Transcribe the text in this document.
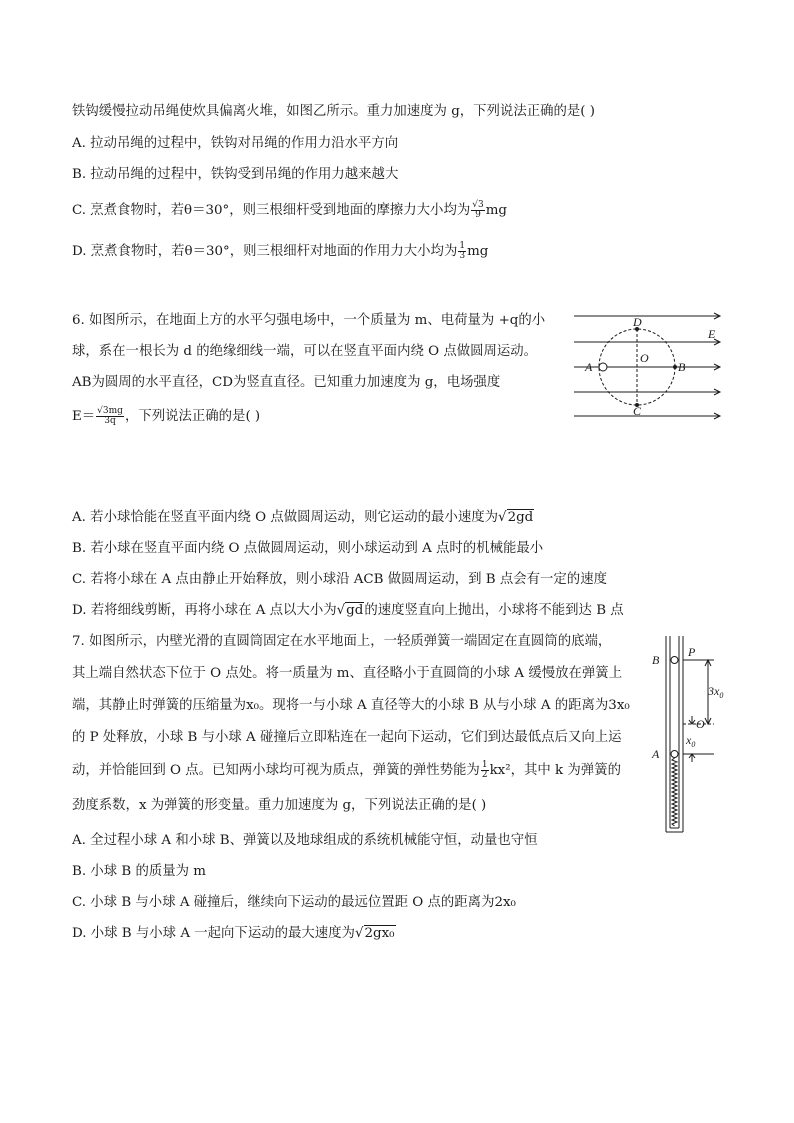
铁钩缓慢拉动吊绳使炊具偏离火堆，如图乙所示。重力加速度为 g，下列说法正确的是( )
A. 拉动吊绳的过程中，铁钩对吊绳的作用力沿水平方向
B. 拉动吊绳的过程中，铁钩受到吊绳的作用力越来越大
C. 烹煮食物时，若θ＝30°，则三根细杆受到地面的摩擦力大小均为 $\frac{√3}{9}$ mg
D. 烹煮食物时，若θ＝30°，则三根细杆对地面的作用力大小均为 $\frac{1}{3}$ mg
6. 如图所示，在地面上方的水平匀强电场中，一个质量为 m、电荷量为 +q的小
球，系在一根长为 d 的绝缘细线一端，可以在竖直平面内绕 O 点做圆周运动。
AB为圆周的水平直径，CD为竖直直径。已知重力加速度为 g，电场强度
$E= \frac{√3mg}{3q}$ ，下列说法正确的是( )
D
E
A
O
B
C
A. 若小球恰能在竖直平面内绕 O 点做圆周运动，则它运动的最小速度为√2gd
B. 若小球在竖直平面内绕 O 点做圆周运动，则小球运动到 A 点时的机械能最小
C. 若将小球在 A 点由静止开始释放，则小球沿 ACB 做圆周运动，到 B 点会有一定的速度
D. 若将细线剪断，再将小球在 A 点以大小为√gd的速度竖直向上抛出，小球将不能到达 B 点
7. 如图所示，内壁光滑的直圆筒固定在水平地面上，一轻质弹簧一端固定在直圆筒的底端，
其上端自然状态下位于 O 点处。将一质量为 m、直径略小于直圆筒的小球 A 缓慢放在弹簧上
端，其静止时弹簧的压缩量为x₀。现将一与小球 A 直径等大的小球 B 从与小球 A 的距离为3x₀
的 P 处释放，小球 B 与小球 A 碰撞后立即粘连在一起向下运动，它们到达最低点后又向上运
动，并恰能回到 O 点。已知两小球均可视为质点，弹簧的弹性势能为 $\frac{1}{2} kx^2$，其中 k 为弹簧的
劲度系数，x 为弹簧的形变量。重力加速度为 g，下列说法正确的是( )
B
P
$3x_0$
O
$x_0$
A
A. 全过程小球 A 和小球 B、弹簧以及地球组成的系统机械能守恒，动量也守恒
B. 小球 B 的质量为 m
C. 小球 B 与小球 A 碰撞后，继续向下运动的最远位置距 O 点的距离为2x₀
D. 小球 B 与小球 A 一起向下运动的最大速度为√2gx₀
